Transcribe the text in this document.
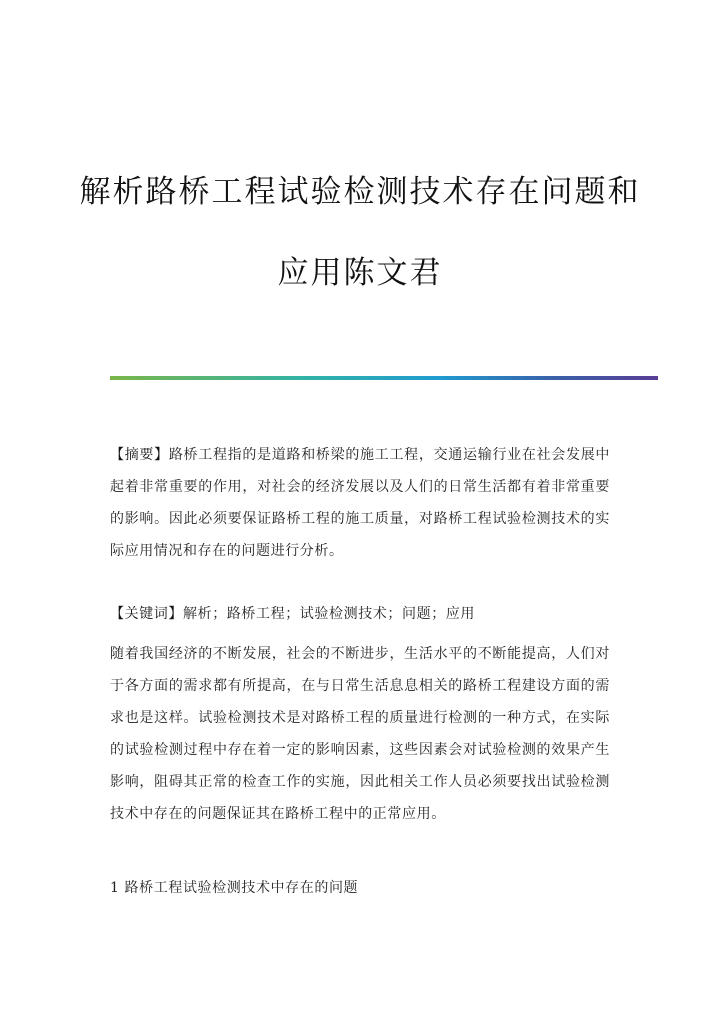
解析路桥工程试验检测技术存在问题和
应用陈文君
【摘要】路桥工程指的是道路和桥梁的施工工程，交通运输行业在社会发展中起着非常重要的作用，对社会的经济发展以及人们的日常生活都有着非常重要的影响。因此必须要保证路桥工程的施工质量，对路桥工程试验检测技术的实际应用情况和存在的问题进行分析。
【关键词】解析；路桥工程；试验检测技术；问题；应用
随着我国经济的不断发展，社会的不断进步，生活水平的不断能提高，人们对于各方面的需求都有所提高，在与日常生活息息相关的路桥工程建设方面的需求也是这样。试验检测技术是对路桥工程的质量进行检测的一种方式，在实际的试验检测过程中存在着一定的影响因素，这些因素会对试验检测的效果产生影响，阻碍其正常的检查工作的实施，因此相关工作人员必须要找出试验检测技术中存在的问题保证其在路桥工程中的正常应用。
1 路桥工程试验检测技术中存在的问题
